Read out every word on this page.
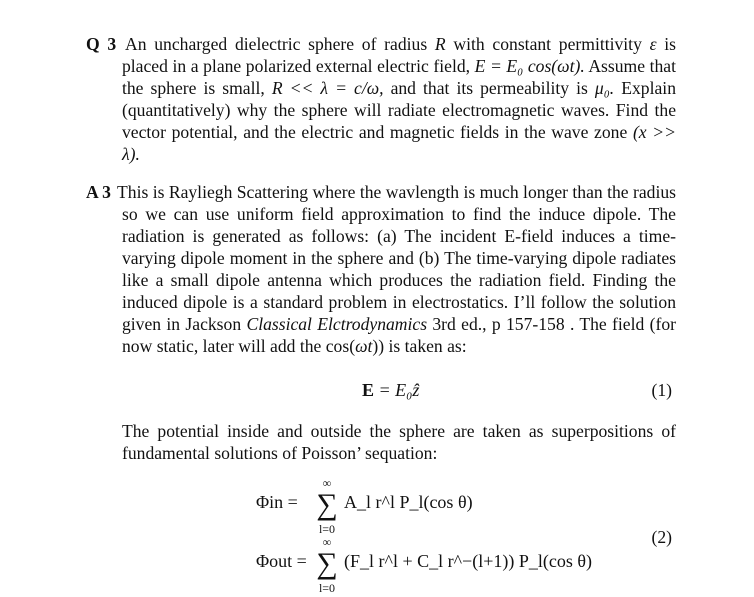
Q 3 An uncharged dielectric sphere of radius R with constant permittivity ε is placed in a plane polarized external electric field, E = E₀ cos(ωt). Assume that the sphere is small, R << λ = c/ω, and that its permeability is μ₀. Explain (quantitatively) why the sphere will radiate electromagnetic waves. Find the vector potential, and the electric and magnetic fields in the wave zone (x >> λ).
A 3 This is Rayliegh Scattering where the wavlength is much longer than the radius so we can use uniform field approximation to find the induce dipole. The radiation is generated as follows: (a) The incident E-field induces a time-varying dipole moment in the sphere and (b) The time-varying dipole radiates like a small dipole antenna which produces the radiation field. Finding the induced dipole is a standard problem in electrostatics. I’ll follow the solution given in Jackson Classical Elctrodynamics 3rd ed., p 157-158 . The field (for now static, later will add the cos(ωt)) is taken as:
E = E₀ẑ	(1)
The potential inside and outside the sphere are taken as superpositions of fundamental solutions of Poisson’ sequation:
Φin =
∞
∑
l=0
A_l r^l P_l(cos θ)
Φout =
∞
∑
l=0
(F_l r^l + C_l r^−(l+1)) P_l(cos θ)
(2)
